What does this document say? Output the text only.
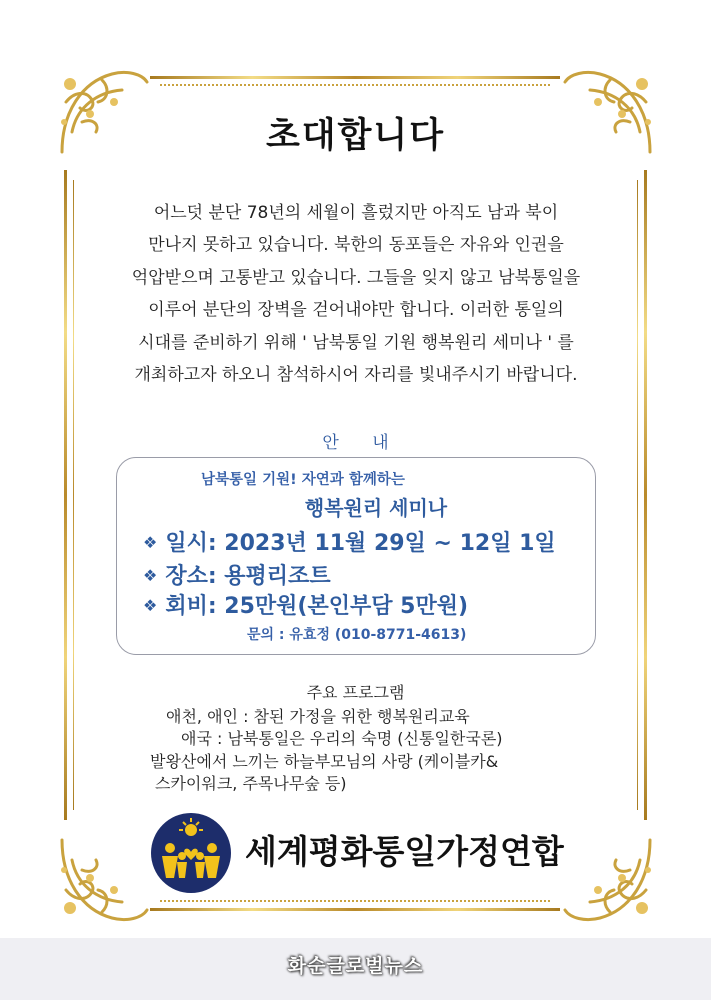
초대합니다
어느덧 분단 78년의 세월이 흘렀지만 아직도 남과 북이
만나지 못하고 있습니다. 북한의 동포들은 자유와 인권을
억압받으며 고통받고 있습니다. 그들을 잊지 않고 남북통일을
이루어 분단의 장벽을 걷어내야만 합니다. 이러한 통일의
시대를 준비하기 위해 ' 남북통일 기원 행복원리 세미나 ' 를
개최하고자 하오니 참석하시어 자리를 빛내주시기 바랍니다.
안 내
남북통일 기원! 자연과 함께하는
행복원리 세미나
❖ 일시: 2023년 11월 29일 ~ 12일 1일
❖ 장소: 용평리조트
❖ 회비: 25만원(본인부담 5만원)
문의 : 유효정 (010-8771-4613)
주요 프로그램
애천, 애인 : 참된 가정을 위한 행복원리교육
애국 : 남북통일은 우리의 숙명 (신통일한국론)
발왕산에서 느끼는 하늘부모님의 사랑 (케이블카&
스카이워크, 주목나무숲 등)
세계평화통일가정연합
화순글로벌뉴스
